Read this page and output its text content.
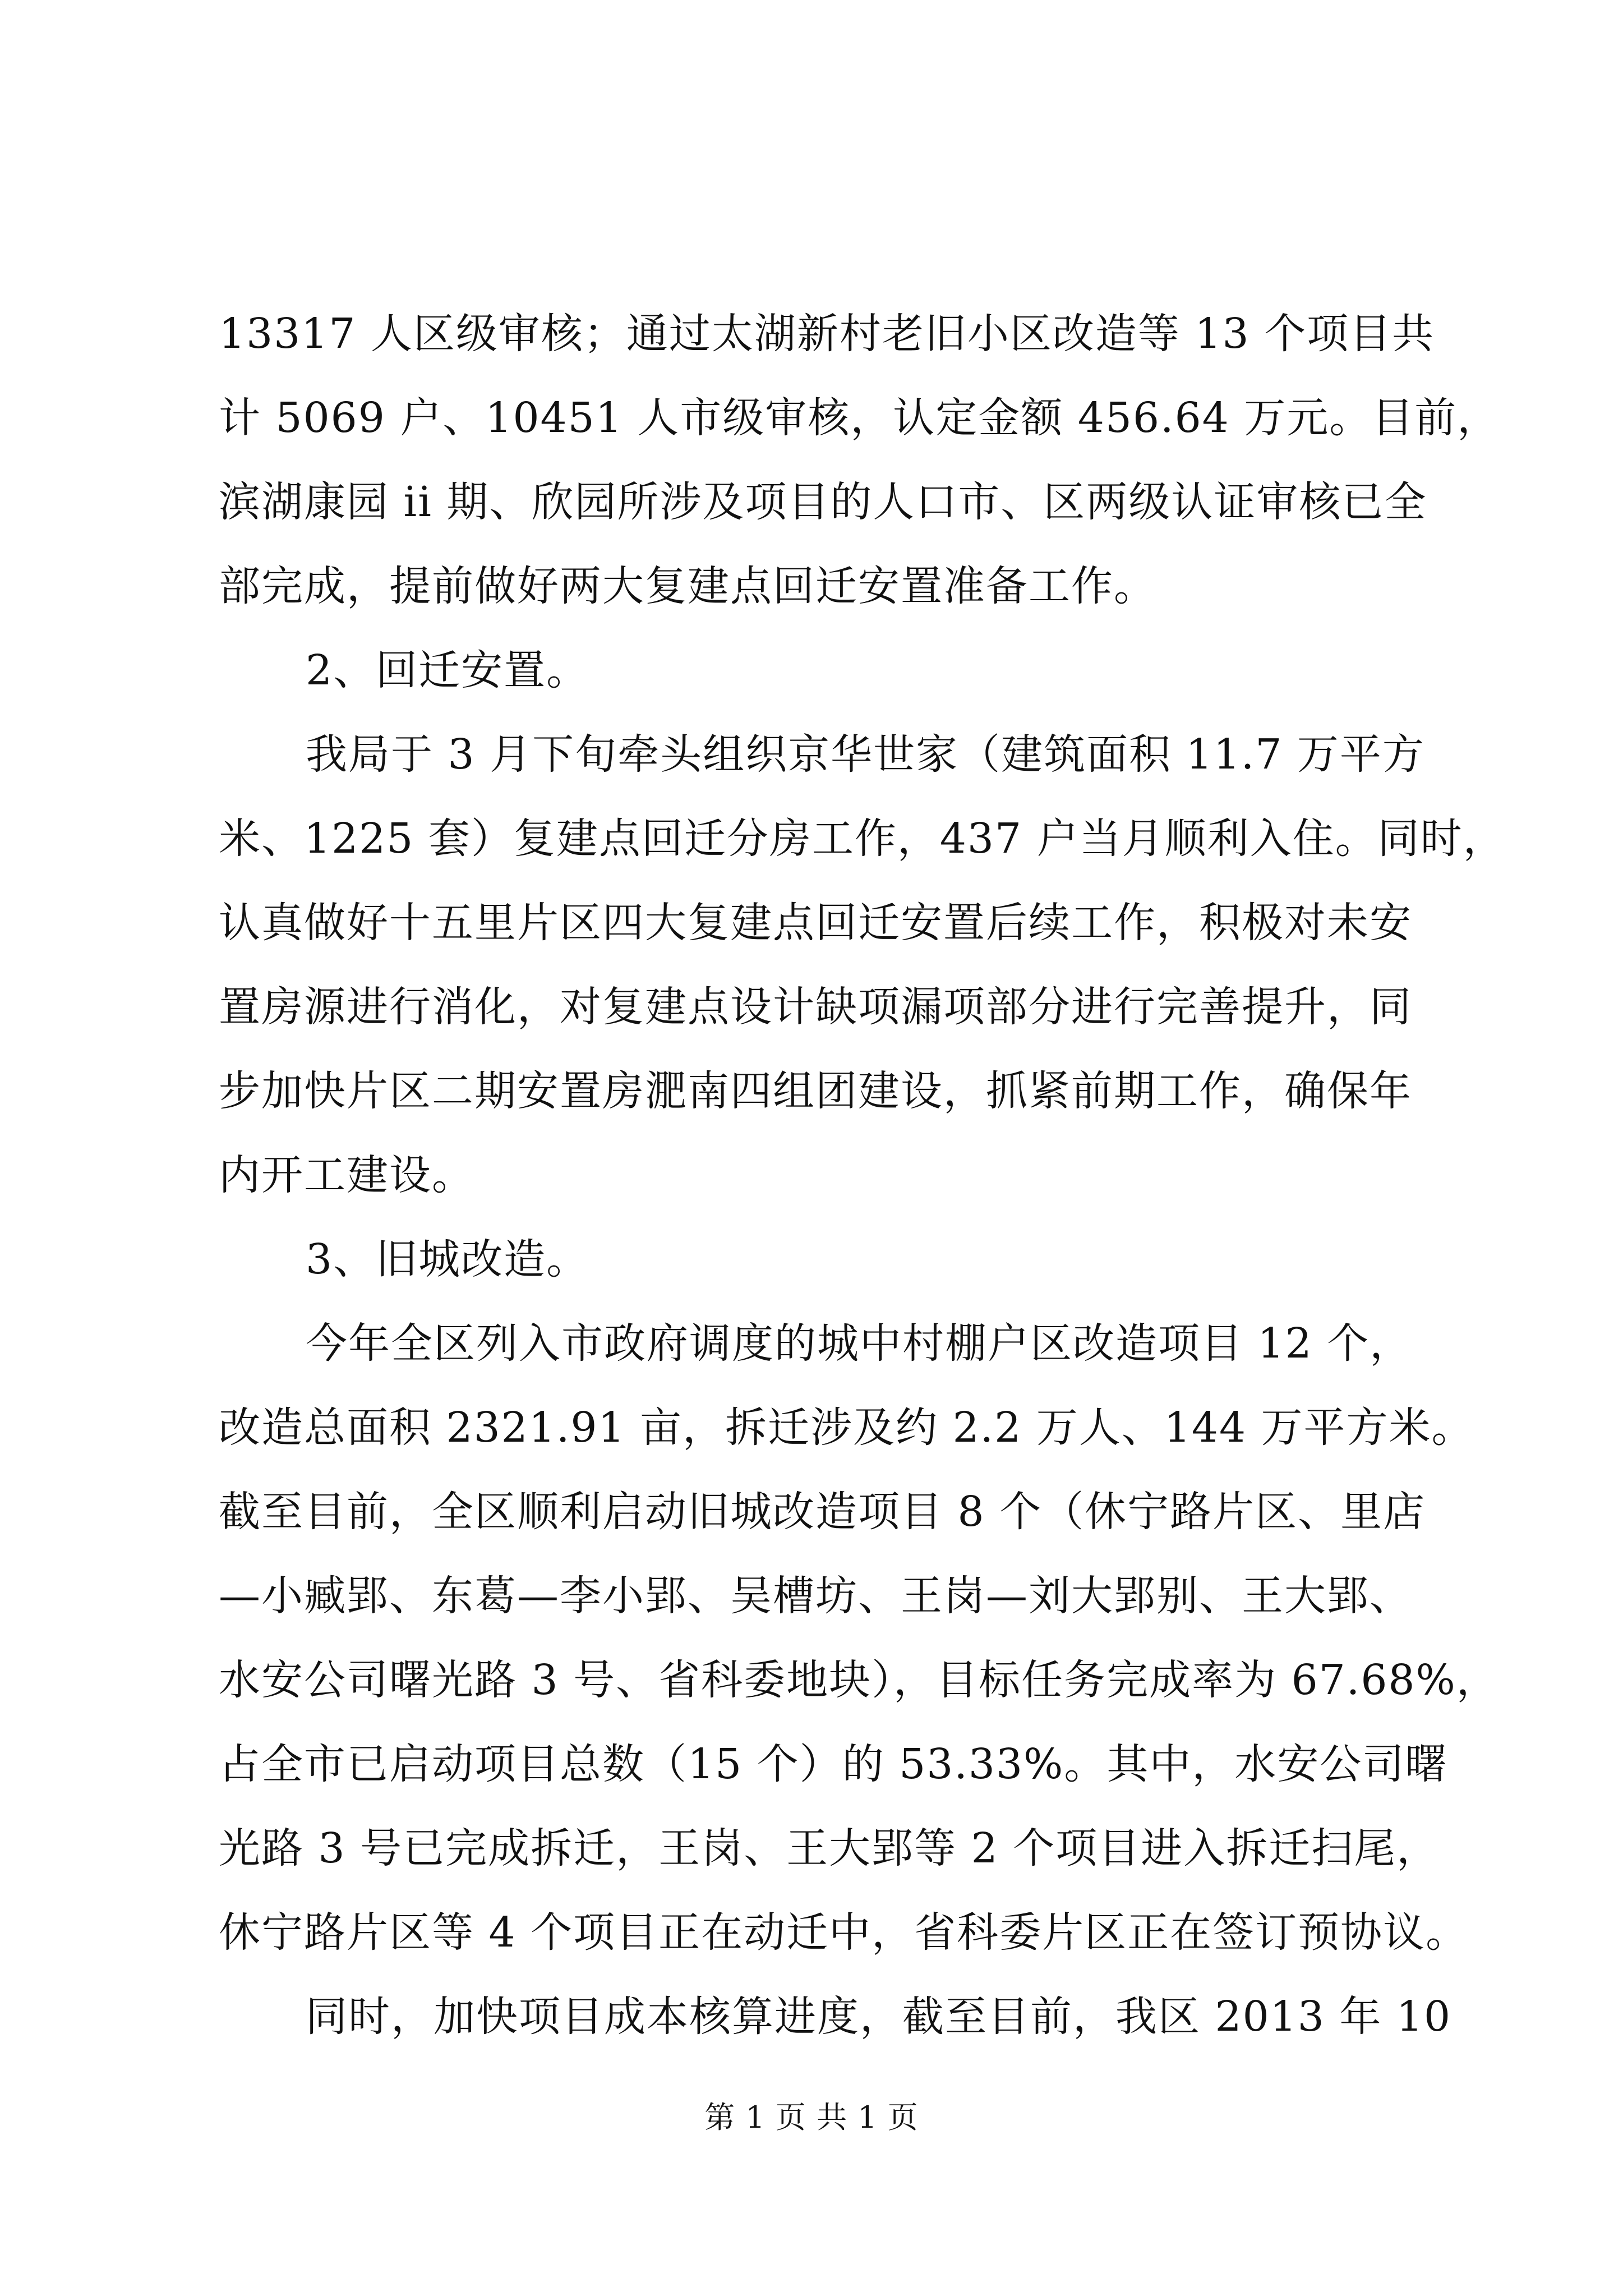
13317 人区级审核；通过太湖新村老旧小区改造等 13 个项目共
计 5069 户、10451 人市级审核，认定金额 456.64 万元。目前，
滨湖康园 ii 期、欣园所涉及项目的人口市、区两级认证审核已全
部完成，提前做好两大复建点回迁安置准备工作。
2、回迁安置。
我局于 3 月下旬牵头组织京华世家（建筑面积 11.7 万平方
米、1225 套）复建点回迁分房工作，437 户当月顺利入住。同时，
认真做好十五里片区四大复建点回迁安置后续工作，积极对未安
置房源进行消化，对复建点设计缺项漏项部分进行完善提升，同
步加快片区二期安置房淝南四组团建设，抓紧前期工作，确保年
内开工建设。
3、旧城改造。
今年全区列入市政府调度的城中村棚户区改造项目 12 个，
改造总面积 2321.91 亩，拆迁涉及约 2.2 万人、144 万平方米。
截至目前，全区顺利启动旧城改造项目 8 个（休宁路片区、里店
—小臧郢、东葛—李小郢、吴槽坊、王岗—刘大郢别、王大郢、
水安公司曙光路 3 号、省科委地块），目标任务完成率为 67.68%，
占全市已启动项目总数（15 个）的 53.33%。其中，水安公司曙
光路 3 号已完成拆迁，王岗、王大郢等 2 个项目进入拆迁扫尾，
休宁路片区等 4 个项目正在动迁中，省科委片区正在签订预协议。
同时，加快项目成本核算进度，截至目前，我区 2013 年 10
第 1 页 共 1 页
